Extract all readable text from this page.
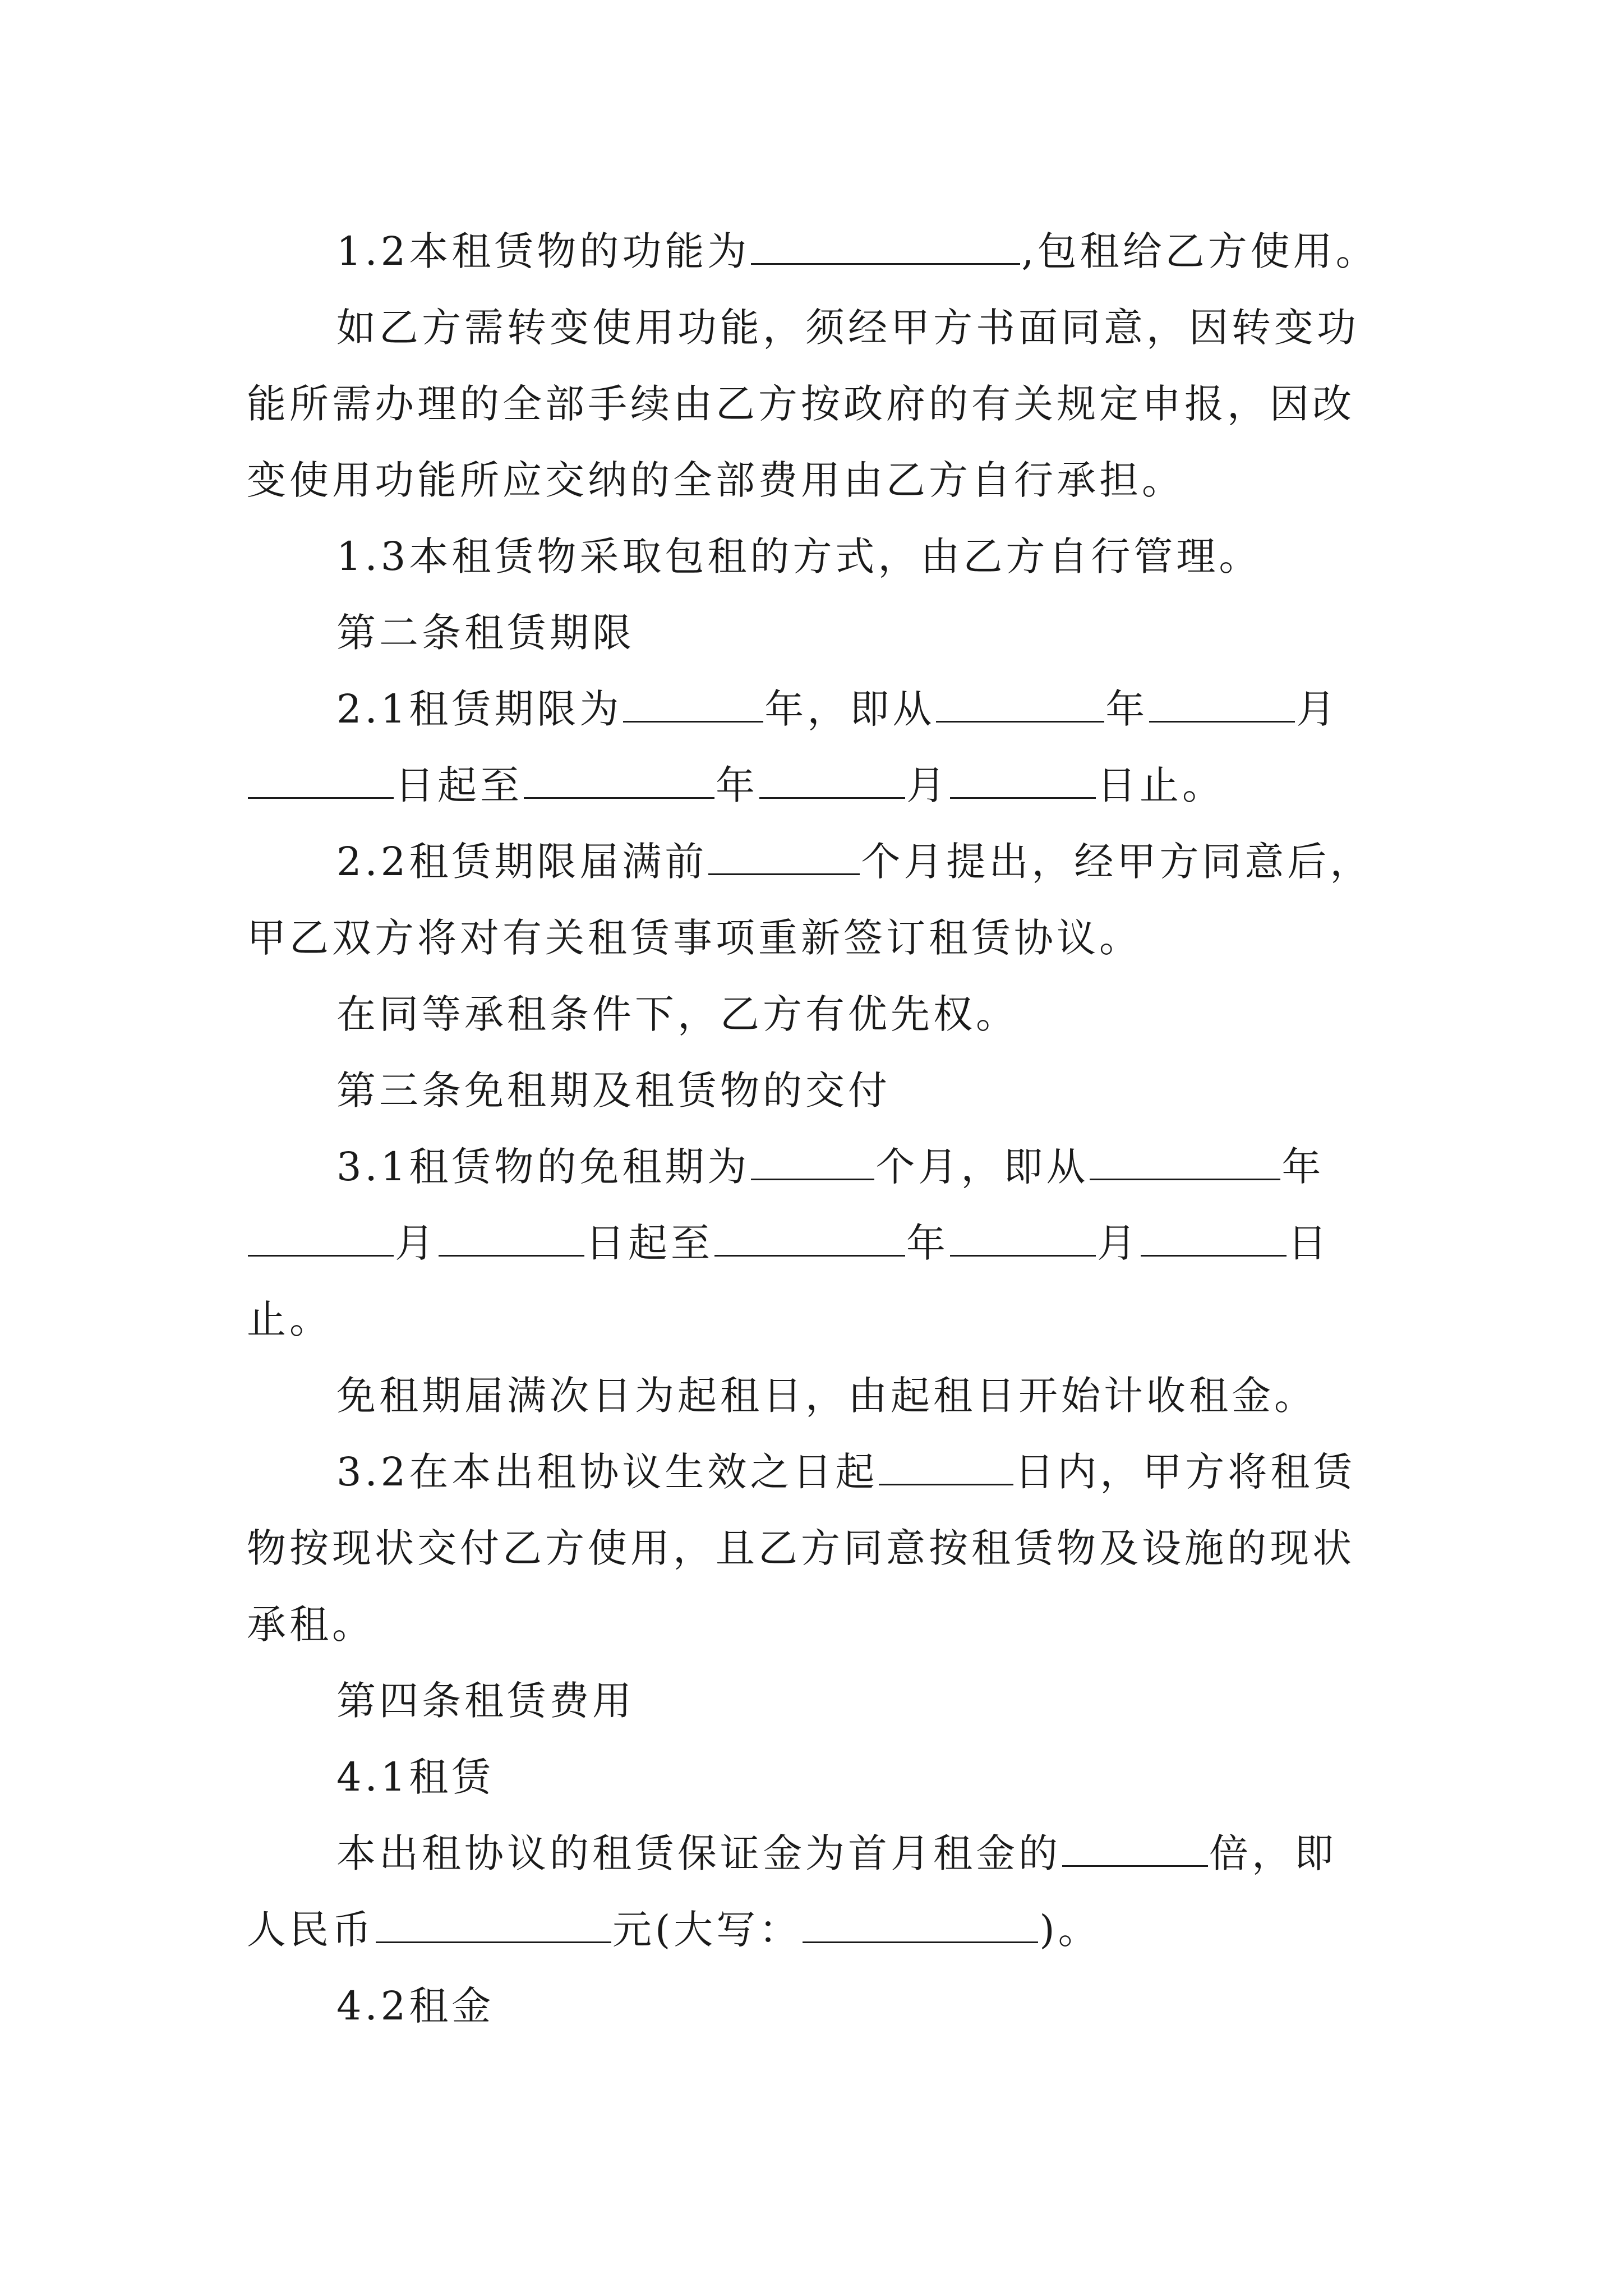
1.2本租赁物的功能为	,包租给乙方使用。
如乙方需转变使用功能，须经甲方书面同意，因转变功
能所需办理的全部手续由乙方按政府的有关规定申报，因改
变使用功能所应交纳的全部费用由乙方自行承担。
1.3本租赁物采取包租的方式，由乙方自行管理。
第二条租赁期限
2.1租赁期限为	年，即从	年	月
日起至	年	月	日止。
2.2租赁期限届满前	个月提出，经甲方同意后，
甲乙双方将对有关租赁事项重新签订租赁协议。
在同等承租条件下，乙方有优先权。
第三条免租期及租赁物的交付
3.1租赁物的免租期为	个月，即从	年
月	日起至	年	月	日
止。
免租期届满次日为起租日，由起租日开始计收租金。
3.2在本出租协议生效之日起	日内，甲方将租赁
物按现状交付乙方使用，且乙方同意按租赁物及设施的现状
承租。
第四条租赁费用
4.1租赁
本出租协议的租赁保证金为首月租金的	倍，即
人民币	元(大写：	)。
4.2租金
